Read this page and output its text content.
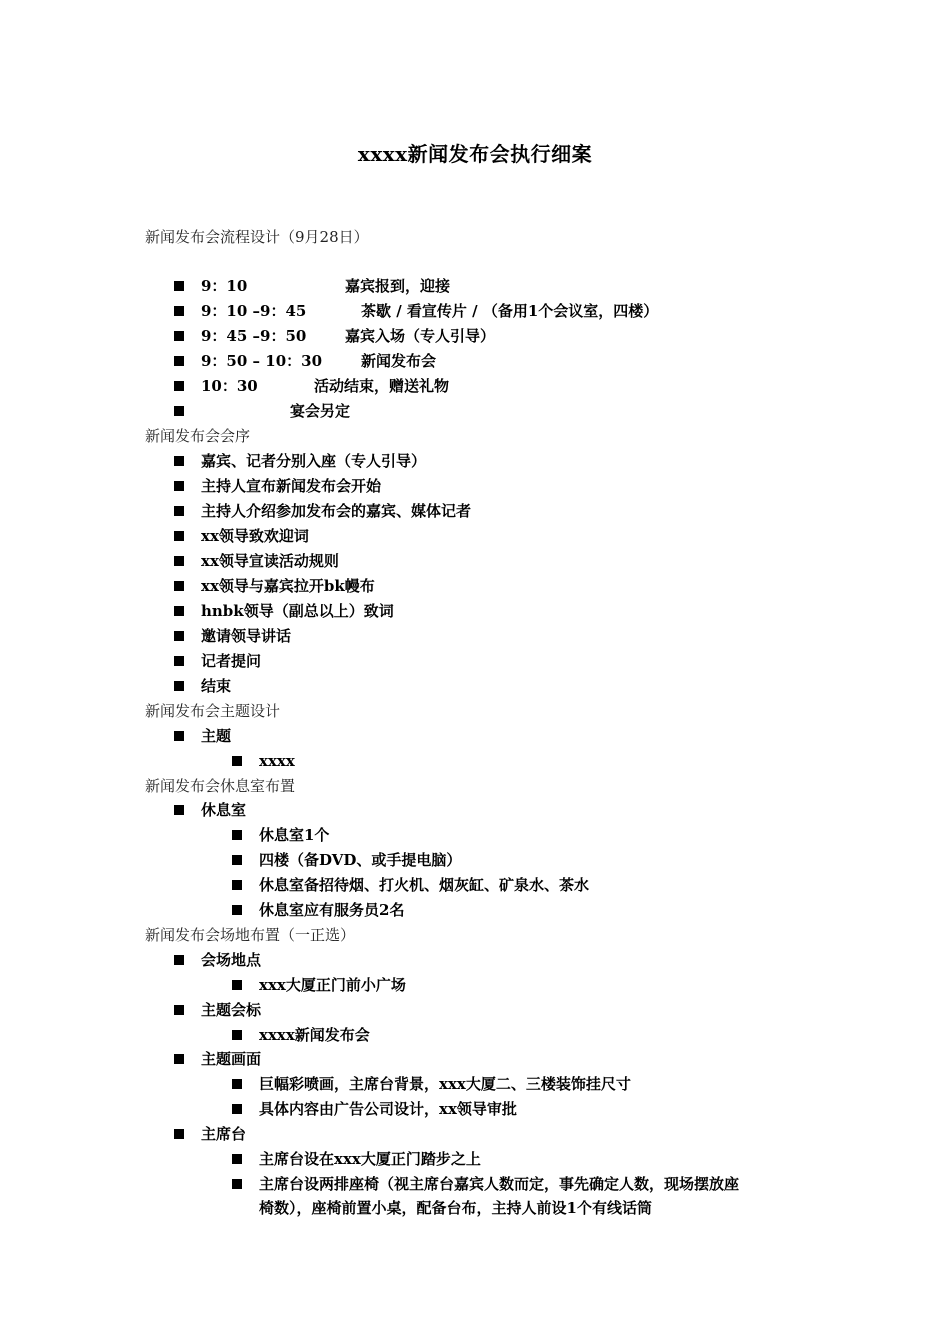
xxxx新闻发布会执行细案
新闻发布会流程设计（9月28日）
9：10	嘉宾报到，迎接
9：10 –9：45	茶歇 / 看宣传片 / （备用1个会议室，四楼）
9：45 –9：50	嘉宾入场（专人引导）
9：50 – 10：30	新闻发布会
10：30	活动结束，赠送礼物
宴会另定
新闻发布会会序
嘉宾、记者分别入座（专人引导）
主持人宣布新闻发布会开始
主持人介绍参加发布会的嘉宾、媒体记者
xx领导致欢迎词
xx领导宣读活动规则
xx领导与嘉宾拉开bk幔布
hnbk领导（副总以上）致词
邀请领导讲话
记者提问
结束
新闻发布会主题设计
主题
xxxx
新闻发布会休息室布置
休息室
休息室1个
四楼（备DVD、或手提电脑）
休息室备招待烟、打火机、烟灰缸、矿泉水、茶水
休息室应有服务员2名
新闻发布会场地布置（一正选）
会场地点
xxx大厦正门前小广场
主题会标
xxxx新闻发布会
主题画面
巨幅彩喷画，主席台背景，xxx大厦二、三楼装饰挂尺寸
具体内容由广告公司设计，xx领导审批
主席台
主席台设在xxx大厦正门踏步之上
主席台设两排座椅（视主席台嘉宾人数而定，事先确定人数，现场摆放座
椅数），座椅前置小桌，配备台布，主持人前设1个有线话筒
